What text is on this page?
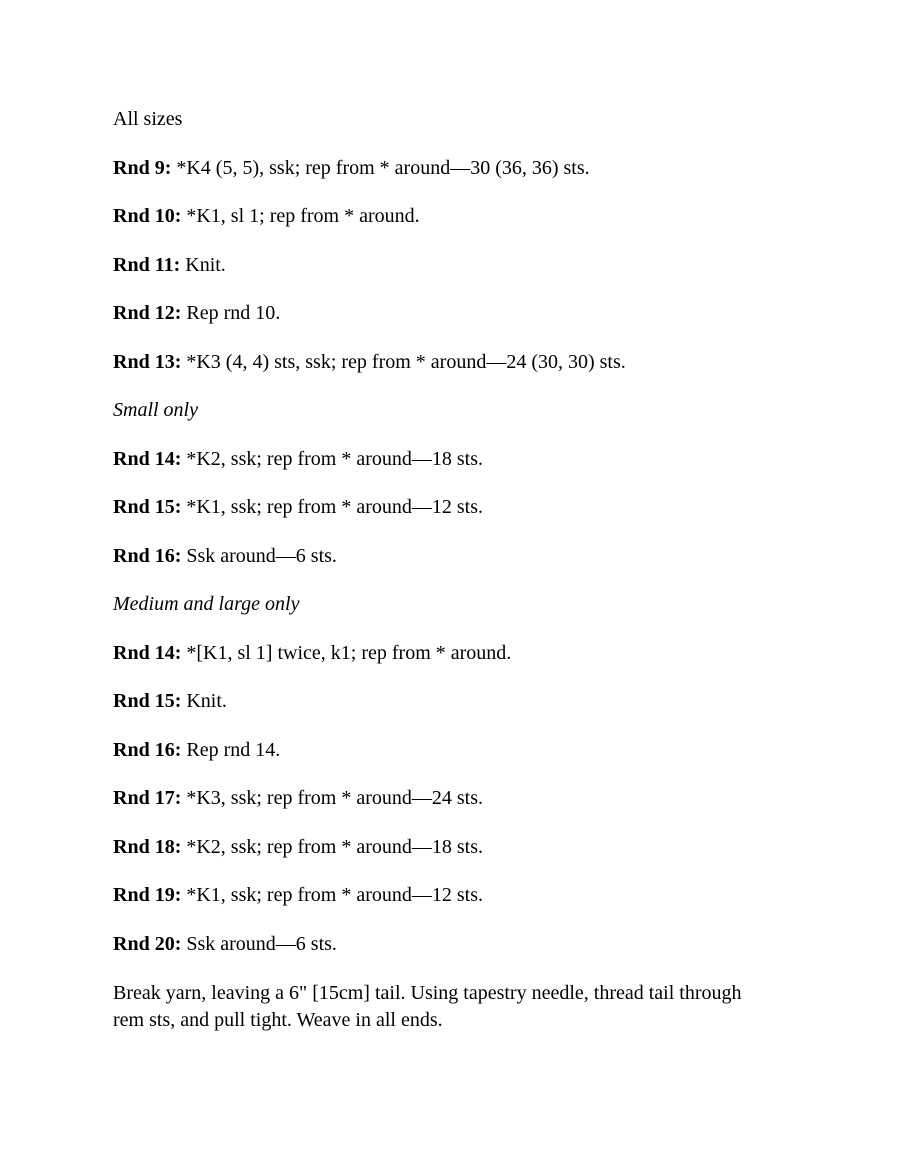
All sizes
Rnd 9: *K4 (5, 5), ssk; rep from * around—30 (36, 36) sts.
Rnd 10: *K1, sl 1; rep from * around.
Rnd 11: Knit.
Rnd 12: Rep rnd 10.
Rnd 13: *K3 (4, 4) sts, ssk; rep from * around—24 (30, 30) sts.
Small only
Rnd 14: *K2, ssk; rep from * around—18 sts.
Rnd 15: *K1, ssk; rep from * around—12 sts.
Rnd 16: Ssk around—6 sts.
Medium and large only
Rnd 14: *[K1, sl 1] twice, k1; rep from * around.
Rnd 15: Knit.
Rnd 16: Rep rnd 14.
Rnd 17: *K3, ssk; rep from * around—24 sts.
Rnd 18: *K2, ssk; rep from * around—18 sts.
Rnd 19: *K1, ssk; rep from * around—12 sts.
Rnd 20: Ssk around—6 sts.
Break yarn, leaving a 6" [15cm] tail. Using tapestry needle, thread tail through rem sts, and pull tight. Weave in all ends.
